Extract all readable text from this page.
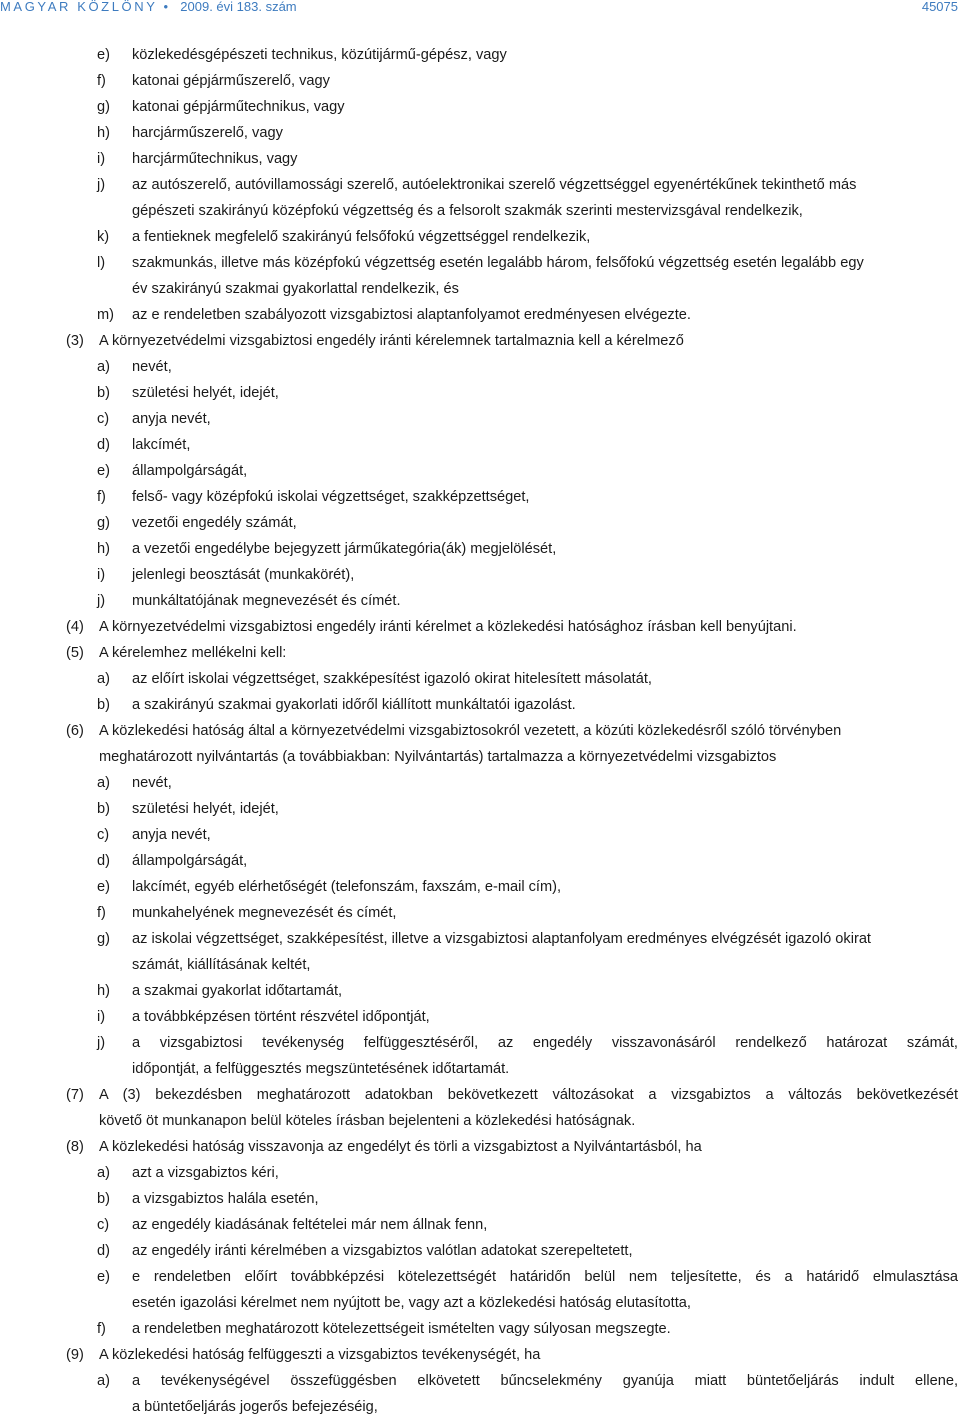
MAGYAR KÖZLÖNY • 2009. évi 183. szám	45075
e) közlekedésgépészeti technikus, közútijármű-gépész, vagy
f) katonai gépjárműszerelő, vagy
g) katonai gépjárműtechnikus, vagy
h) harcjárműszerelő, vagy
i) harcjárműtechnikus, vagy
j) az autószerelő, autóvillamossági szerelő, autóelektronikai szerelő végzettséggel egyenértékűnek tekinthető más
gépészeti szakirányú középfokú végzettség és a felsorolt szakmák szerinti mestervizsgával rendelkezik,
k) a fentieknek megfelelő szakirányú felsőfokú végzettséggel rendelkezik,
l) szakmunkás, illetve más középfokú végzettség esetén legalább három, felsőfokú végzettség esetén legalább egy
év szakirányú szakmai gyakorlattal rendelkezik, és
m) az e rendeletben szabályozott vizsgabiztosi alaptanfolyamot eredményesen elvégezte.
(3) A környezetvédelmi vizsgabiztosi engedély iránti kérelemnek tartalmaznia kell a kérelmező
a) nevét,
b) születési helyét, idejét,
c) anyja nevét,
d) lakcímét,
e) állampolgárságát,
f) felső- vagy középfokú iskolai végzettséget, szakképzettséget,
g) vezetői engedély számát,
h) a vezetői engedélybe bejegyzett járműkategória(ák) megjelölését,
i) jelenlegi beosztását (munkakörét),
j) munkáltatójának megnevezését és címét.
(4) A környezetvédelmi vizsgabiztosi engedély iránti kérelmet a közlekedési hatósághoz írásban kell benyújtani.
(5) A kérelemhez mellékelni kell:
a) az előírt iskolai végzettséget, szakképesítést igazoló okirat hitelesített másolatát,
b) a szakirányú szakmai gyakorlati időről kiállított munkáltatói igazolást.
(6) A közlekedési hatóság által a környezetvédelmi vizsgabiztosokról vezetett, a közúti közlekedésről szóló törvényben
meghatározott nyilvántartás (a továbbiakban: Nyilvántartás) tartalmazza a környezetvédelmi vizsgabiztos
a) nevét,
b) születési helyét, idejét,
c) anyja nevét,
d) állampolgárságát,
e) lakcímét, egyéb elérhetőségét (telefonszám, faxszám, e-mail cím),
f) munkahelyének megnevezését és címét,
g) az iskolai végzettséget, szakképesítést, illetve a vizsgabiztosi alaptanfolyam eredményes elvégzését igazoló okirat
számát, kiállításának keltét,
h) a szakmai gyakorlat időtartamát,
i) a továbbképzésen történt részvétel időpontját,
j) a vizsgabiztosi tevékenység felfüggesztéséről, az engedély visszavonásáról rendelkező határozat számát,
időpontját, a felfüggesztés megszüntetésének időtartamát.
(7) A (3) bekezdésben meghatározott adatokban bekövetkezett változásokat a vizsgabiztos a változás bekövetkezését
követő öt munkanapon belül köteles írásban bejelenteni a közlekedési hatóságnak.
(8) A közlekedési hatóság visszavonja az engedélyt és törli a vizsgabiztost a Nyilvántartásból, ha
a) azt a vizsgabiztos kéri,
b) a vizsgabiztos halála esetén,
c) az engedély kiadásának feltételei már nem állnak fenn,
d) az engedély iránti kérelmében a vizsgabiztos valótlan adatokat szerepeltetett,
e) e rendeletben előírt továbbképzési kötelezettségét határidőn belül nem teljesítette, és a határidő elmulasztása
esetén igazolási kérelmet nem nyújtott be, vagy azt a közlekedési hatóság elutasította,
f) a rendeletben meghatározott kötelezettségeit ismételten vagy súlyosan megszegte.
(9) A közlekedési hatóság felfüggeszti a vizsgabiztos tevékenységét, ha
a) a tevékenységével összefüggésben elkövetett bűncselekmény gyanúja miatt büntetőeljárás indult ellene,
a büntetőeljárás jogerős befejezéséig,
